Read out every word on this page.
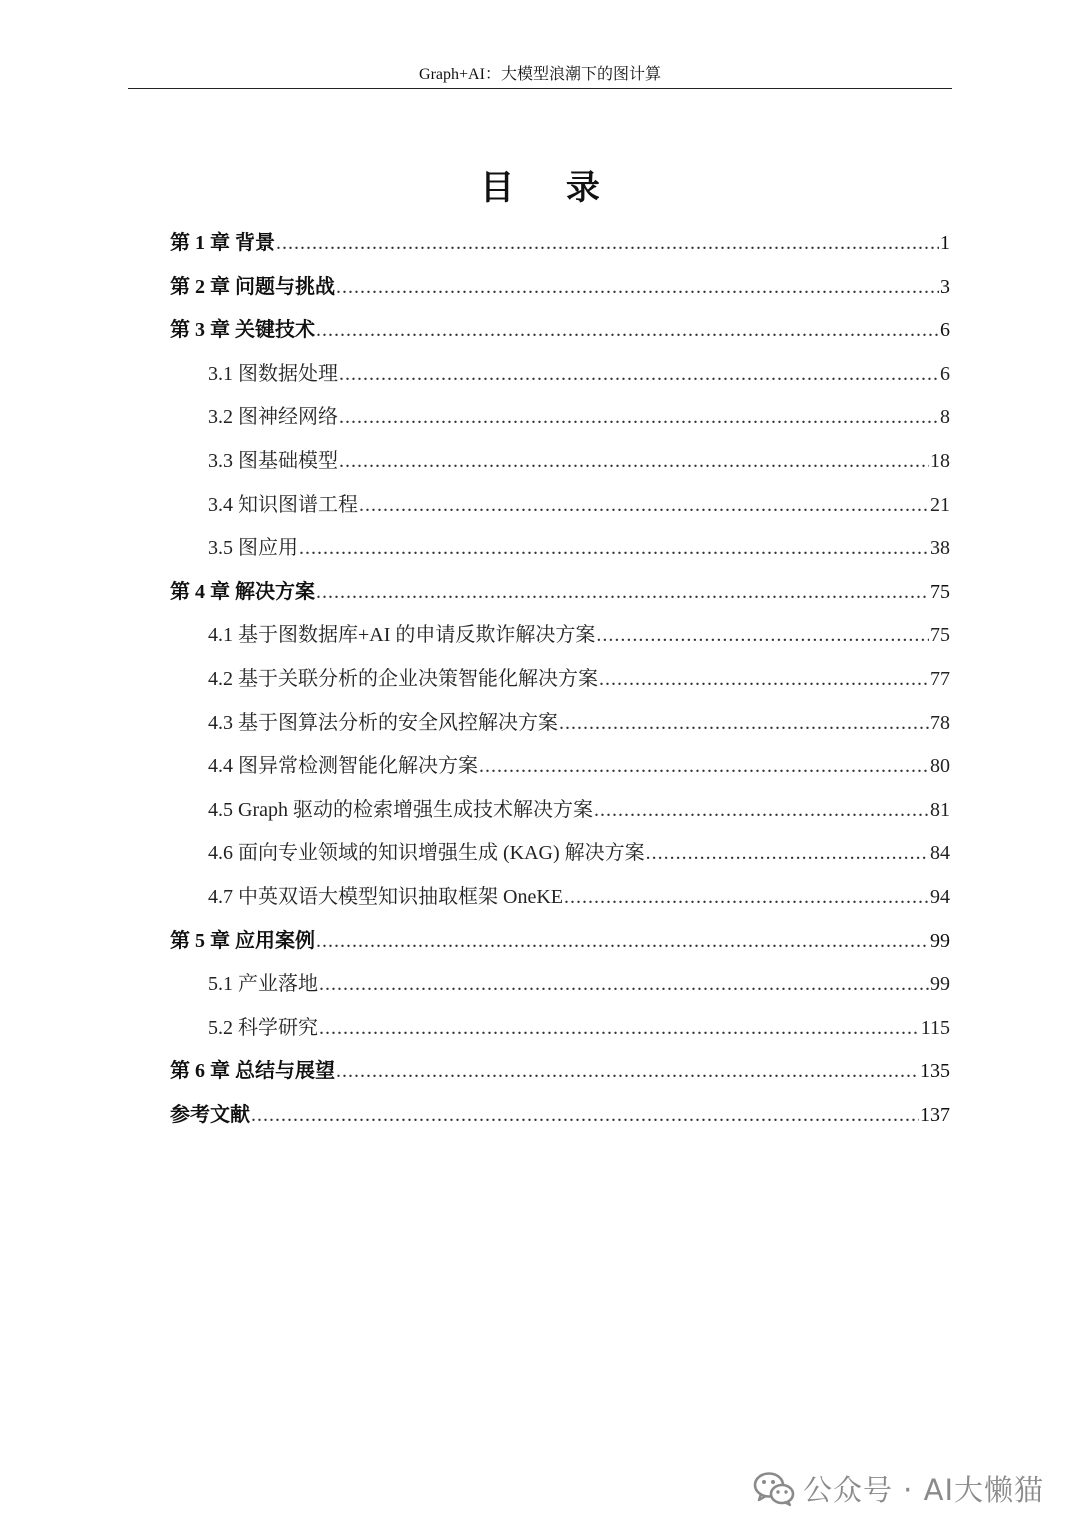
Graph+AI：大模型浪潮下的图计算
目 录
第 1 章 背景 .....	1
第 2 章 问题与挑战 .....	3
第 3 章 关键技术 .....	6
3.1 图数据处理 .....	6
3.2 图神经网络 .....	8
3.3 图基础模型 .....	18
3.4 知识图谱工程 .....	21
3.5 图应用 .....	38
第 4 章 解决方案 .....	75
4.1 基于图数据库+AI 的申请反欺诈解决方案 .....	75
4.2 基于关联分析的企业决策智能化解决方案 .....	77
4.3 基于图算法分析的安全风控解决方案 .....	78
4.4 图异常检测智能化解决方案 .....	80
4.5 Graph 驱动的检索增强生成技术解决方案 .....	81
4.6 面向专业领域的知识增强生成 (KAG) 解决方案 .....	84
4.7 中英双语大模型知识抽取框架 OneKE .....	94
第 5 章 应用案例 .....	99
5.1 产业落地 .....	99
5.2 科学研究 .....	115
第 6 章 总结与展望 .....	135
参考文献 .....	137
公众号 · AI大懒猫
